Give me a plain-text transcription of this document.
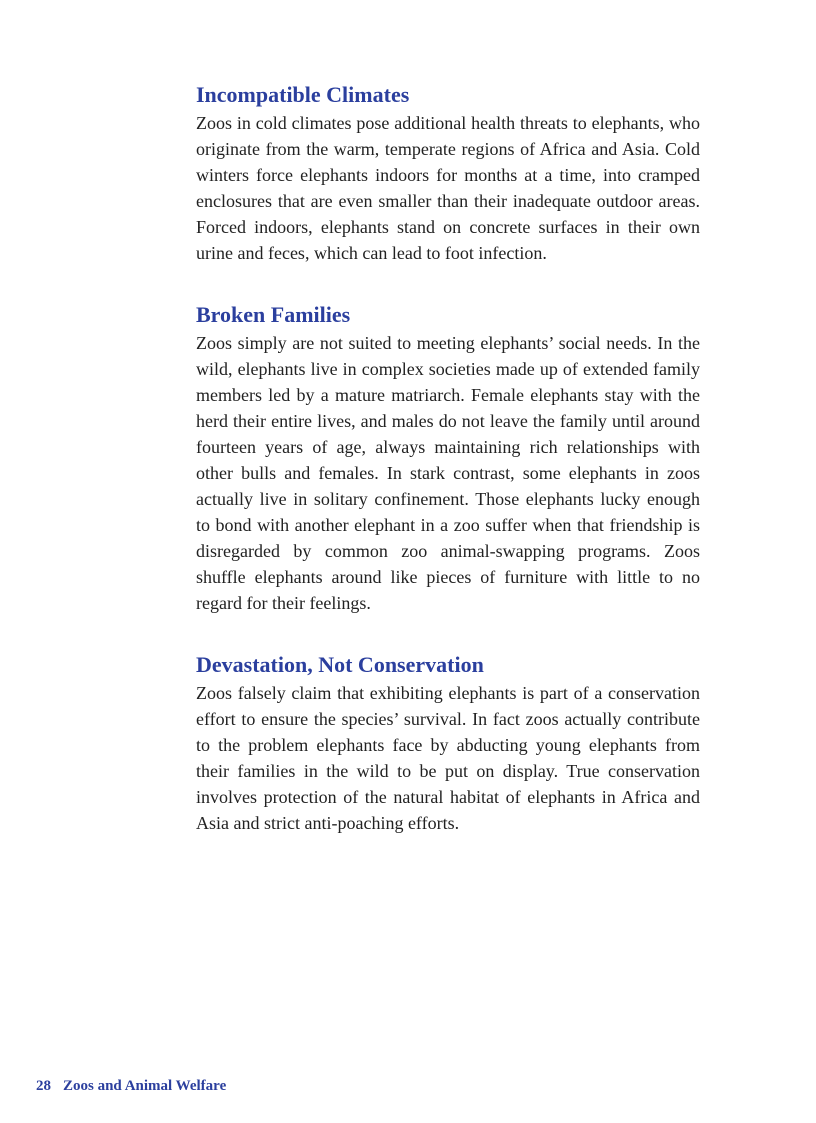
Incompatible Climates

Zoos in cold climates pose additional health threats to elephants, who originate from the warm, temperate regions of Africa and Asia. Cold winters force elephants indoors for months at a time, into cramped enclosures that are even smaller than their inadequate outdoor areas. Forced indoors, elephants stand on concrete surfaces in their own urine and feces, which can lead to foot infection.

Broken Families

Zoos simply are not suited to meeting elephants’ social needs. In the wild, elephants live in complex societies made up of extended family members led by a mature matriarch. Female elephants stay with the herd their entire lives, and males do not leave the family until around fourteen years of age, always maintaining rich relationships with other bulls and females. In stark contrast, some elephants in zoos actually live in solitary confinement. Those elephants lucky enough to bond with another elephant in a zoo suffer when that friendship is disregarded by common zoo animal-swapping programs. Zoos shuffle elephants around like pieces of furniture with little to no regard for their feelings.

Devastation, Not Conservation

Zoos falsely claim that exhibiting elephants is part of a conservation effort to ensure the species’ survival. In fact zoos actually contribute to the problem elephants face by abducting young elephants from their families in the wild to be put on display. True conservation involves protection of the natural habitat of elephants in Africa and Asia and strict anti-poaching efforts.

28 Zoos and Animal Welfare
